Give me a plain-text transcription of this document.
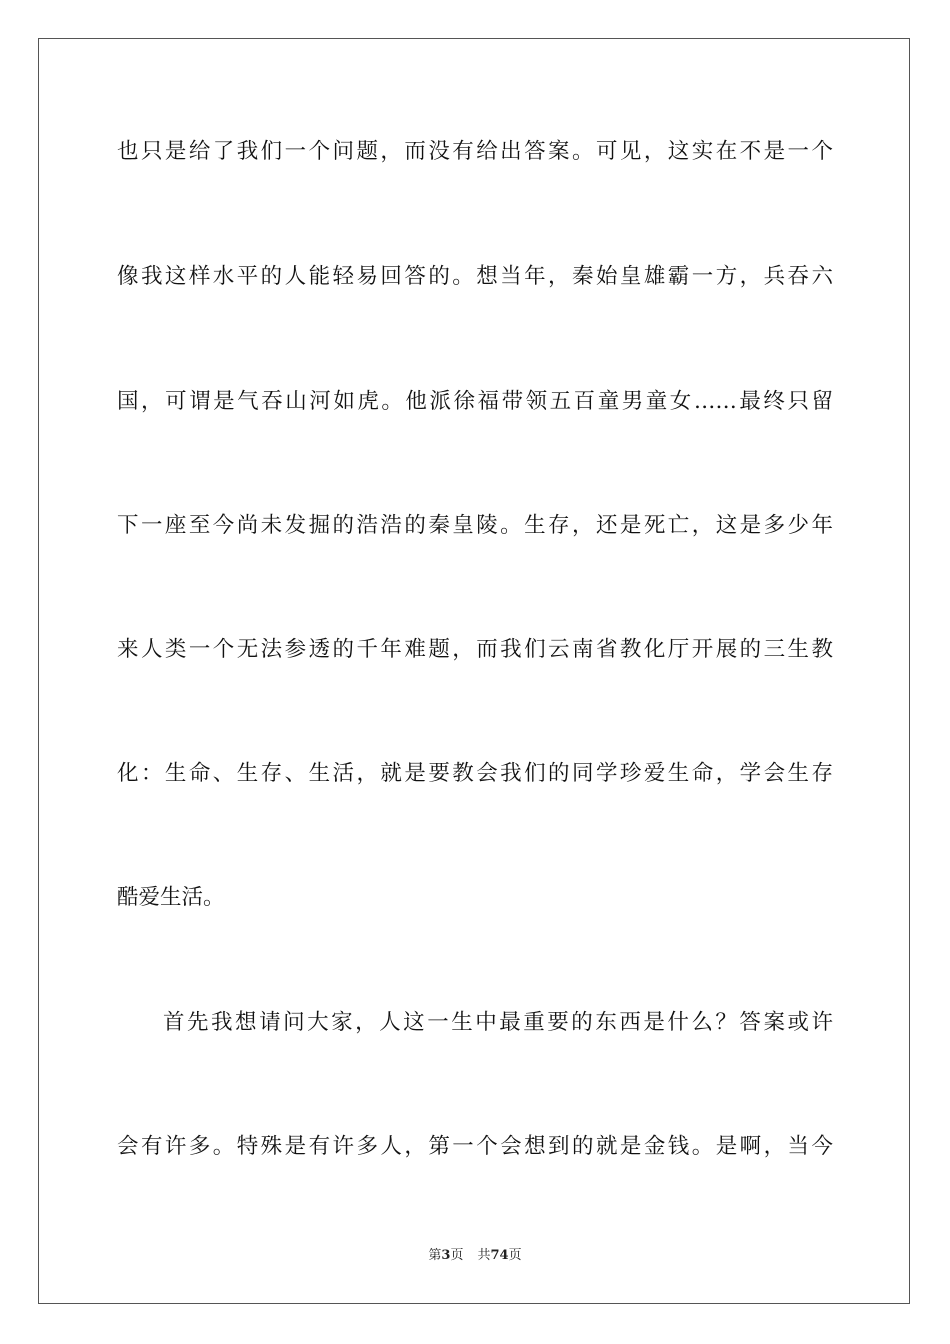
也只是给了我们一个问题，而没有给出答案。可见，这实在不是一个
像我这样水平的人能轻易回答的。想当年，秦始皇雄霸一方，兵吞六
国，可谓是气吞山河如虎。他派徐福带领五百童男童女……最终只留
下一座至今尚未发掘的浩浩的秦皇陵。生存，还是死亡，这是多少年
来人类一个无法参透的千年难题，而我们云南省教化厅开展的三生教
化：生命、生存、生活，就是要教会我们的同学珍爱生命，学会生存
酷爱生活。
首先我想请问大家，人这一生中最重要的东西是什么？答案或许
会有许多。特殊是有许多人，第一个会想到的就是金钱。是啊，当今
第3页 共74页
